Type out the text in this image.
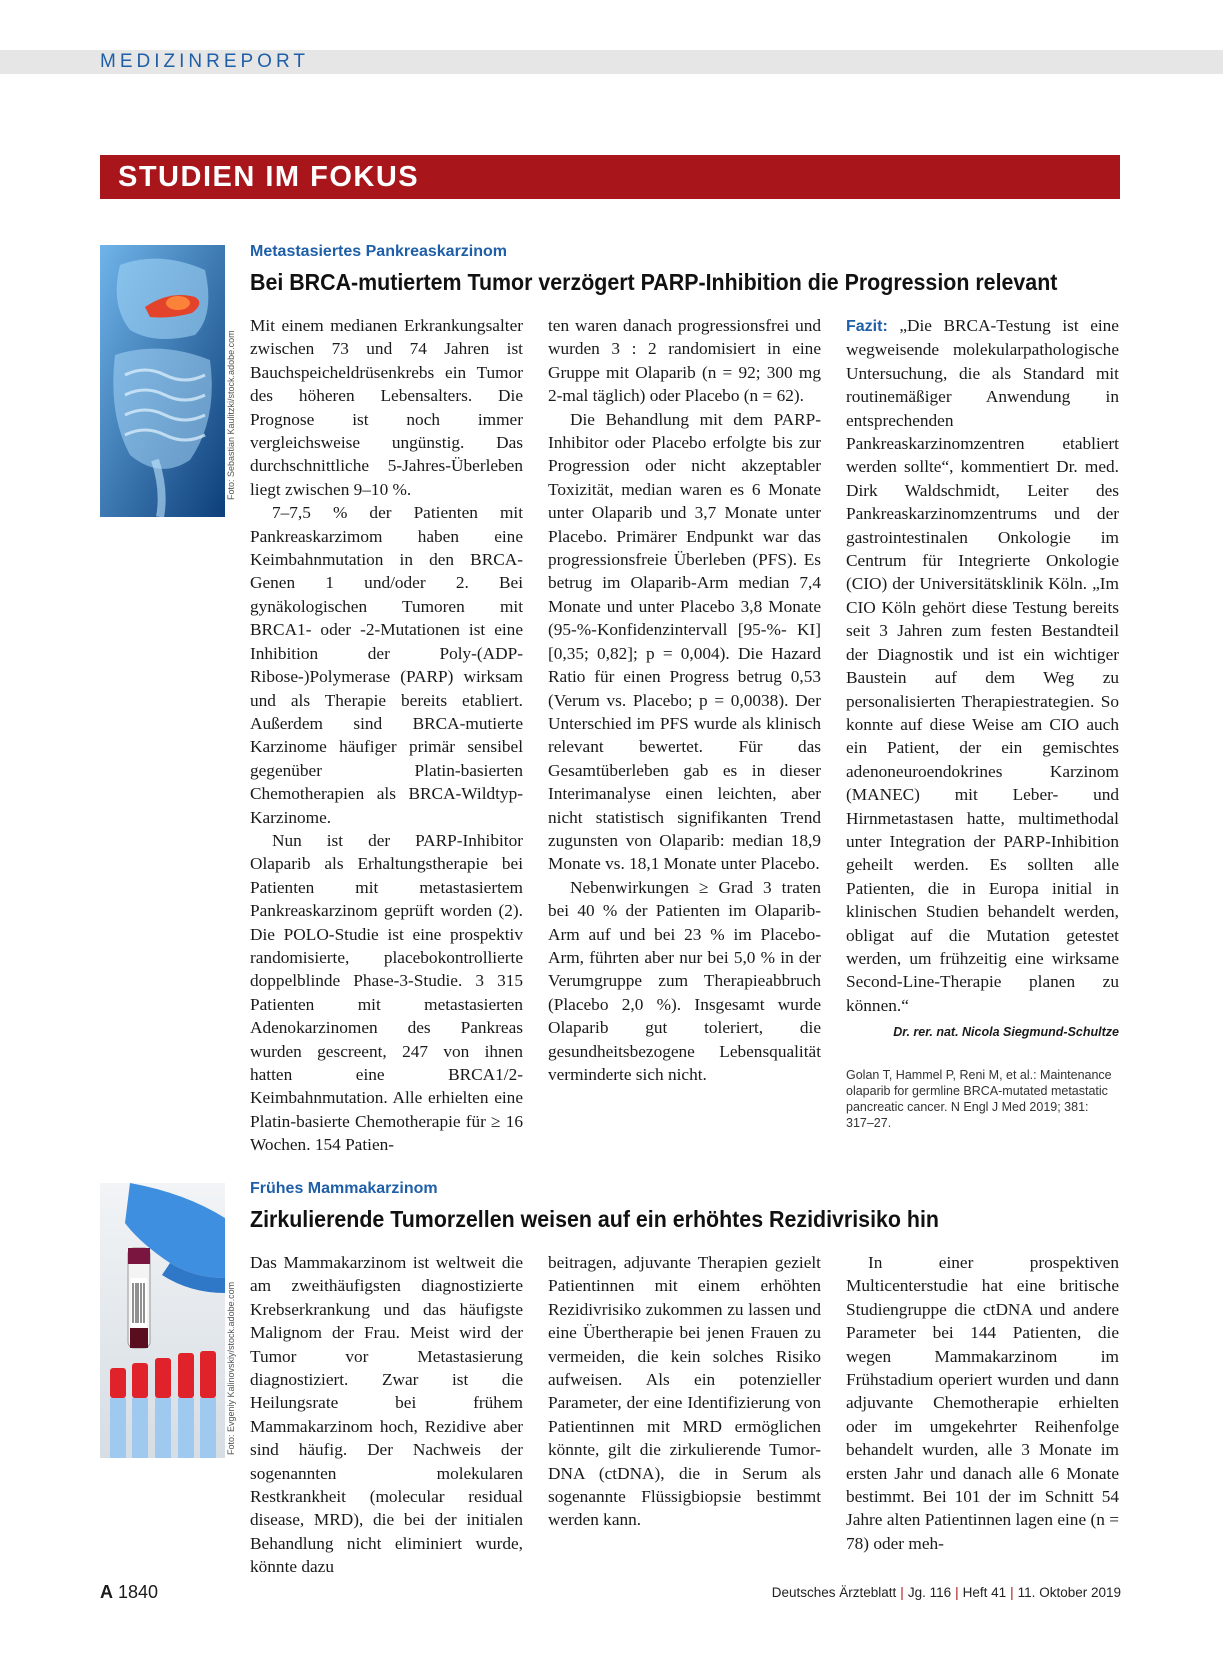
MEDIZINREPORT
STUDIEN IM FOKUS
Foto: Sebastian Kaulitzki/stock.adobe.com
Metastasiertes Pankreaskarzinom
Bei BRCA-mutiertem Tumor verzögert PARP-Inhibition die Progression relevant

Mit einem medianen Erkrankungsalter zwischen 73 und 74 Jahren ist Bauchspeicheldrüsenkrebs ein Tumor des höheren Lebensalters. Die Prognose ist noch immer vergleichsweise ungünstig. Das durchschnittliche 5-Jahres-Überleben liegt zwischen 9–10 %.

7–7,5 % der Patienten mit Pankreaskarzimom haben eine Keimbahnmutation in den BRCA-Genen 1 und/oder 2. Bei gynäkologischen Tumoren mit BRCA1- oder -2-Mutationen ist eine Inhibition der Poly-(ADP-Ribose-)Polymerase (PARP) wirksam und als Therapie bereits etabliert. Außerdem sind BRCA-mutierte Karzinome häufiger primär sensibel gegenüber Platin-basierten Chemotherapien als BRCA-Wildtyp-Karzinome.

Nun ist der PARP-Inhibitor Olaparib als Erhaltungstherapie bei Patienten mit metastasiertem Pankreaskarzinom geprüft worden (2). Die POLO-Studie ist eine prospektiv randomisierte, placebokontrollierte doppelblinde Phase-3-Studie. 3 315 Patienten mit metastasierten Adenokarzinomen des Pankreas wurden gescreent, 247 von ihnen hatten eine BRCA1/2-Keimbahnmutation. Alle erhielten eine Platin-basierte Chemotherapie für ≥ 16 Wochen. 154 Patien-

ten waren danach progressionsfrei und wurden 3 : 2 randomisiert in eine Gruppe mit Olaparib (n = 92; 300 mg 2-mal täglich) oder Placebo (n = 62).

Die Behandlung mit dem PARP-Inhibitor oder Placebo erfolgte bis zur Progression oder nicht akzeptabler Toxizität, median waren es 6 Monate unter Olaparib und 3,7 Monate unter Placebo. Primärer Endpunkt war das progressionsfreie Überleben (PFS). Es betrug im Olaparib-Arm median 7,4 Monate und unter Placebo 3,8 Monate (95-%-Konfidenzintervall [95-%- KI] [0,35; 0,82]; p = 0,004). Die Hazard Ratio für einen Progress betrug 0,53 (Verum vs. Placebo; p = 0,0038). Der Unterschied im PFS wurde als klinisch relevant bewertet. Für das Gesamtüberleben gab es in dieser Interimanalyse einen leichten, aber nicht statistisch signifikanten Trend zugunsten von Olaparib: median 18,9 Monate vs. 18,1 Monate unter Placebo.

Nebenwirkungen ≥ Grad 3 traten bei 40 % der Patienten im Olaparib-Arm auf und bei 23 % im Placebo-Arm, führten aber nur bei 5,0 % in der Verumgruppe zum Therapieabbruch (Placebo 2,0 %). Insgesamt wurde Olaparib gut toleriert, die gesundheitsbezogene Lebensqualität verminderte sich nicht.

Fazit: „Die BRCA-Testung ist eine wegweisende molekularpathologische Untersuchung, die als Standard mit routinemäßiger Anwendung in entsprechenden Pankreaskarzinomzentren etabliert werden sollte“, kommentiert Dr. med. Dirk Waldschmidt, Leiter des Pankreaskarzinomzentrums und der gastrointestinalen Onkologie im Centrum für Integrierte Onkologie (CIO) der Universitätsklinik Köln. „Im CIO Köln gehört diese Testung bereits seit 3 Jahren zum festen Bestandteil der Diagnostik und ist ein wichtiger Baustein auf dem Weg zu personalisierten Therapiestrategien. So konnte auf diese Weise am CIO auch ein Patient, der ein gemischtes adenoneuroendokrines Karzinom (MANEC) mit Leber- und Hirnmetastasen hatte, multimethodal unter Integration der PARP-Inhibition geheilt werden. Es sollten alle Patienten, die in Europa initial in klinischen Studien behandelt werden, obligat auf die Mutation getestet werden, um frühzeitig eine wirksame Second-Line-Therapie planen zu können.“

Dr. rer. nat. Nicola Siegmund-Schultze
Golan T, Hammel P, Reni M, et al.: Maintenance olaparib for germline BRCA-mutated metastatic pancreatic cancer. N Engl J Med 2019; 381: 317–27.
Foto: Evgeniy Kalinovskiy/stock.adobe.com
Frühes Mammakarzinom
Zirkulierende Tumorzellen weisen auf ein erhöhtes Rezidivrisiko hin

Das Mammakarzinom ist weltweit die am zweithäufigsten diagnostizierte Krebserkrankung und das häufigste Malignom der Frau. Meist wird der Tumor vor Metastasierung diagnostiziert. Zwar ist die Heilungsrate bei frühem Mammakarzinom hoch, Rezidive aber sind häufig. Der Nachweis der sogenannten molekularen Restkrankheit (molecular residual disease, MRD), die bei der initialen Behandlung nicht eliminiert wurde, könnte dazu

beitragen, adjuvante Therapien gezielt Patientinnen mit einem erhöhten Rezidivrisiko zukommen zu lassen und eine Übertherapie bei jenen Frauen zu vermeiden, die kein solches Risiko aufweisen. Als ein potenzieller Parameter, der eine Identifizierung von Patientinnen mit MRD ermöglichen könnte, gilt die zirkulierende Tumor-DNA (ctDNA), die in Serum als sogenannte Flüssigbiopsie bestimmt werden kann.

In einer prospektiven Multicenterstudie hat eine britische Studiengruppe die ctDNA und andere Parameter bei 144 Patienten, die wegen Mammakarzinom im Frühstadium operiert wurden und dann adjuvante Chemotherapie erhielten oder im umgekehrter Reihenfolge behandelt wurden, alle 3 Monate im ersten Jahr und danach alle 6 Monate bestimmt. Bei 101 der im Schnitt 54 Jahre alten Patientinnen lagen eine (n = 78) oder meh-

A 1840	Deutsches Ärzteblatt | Jg. 116 | Heft 41 | 11. Oktober 2019
